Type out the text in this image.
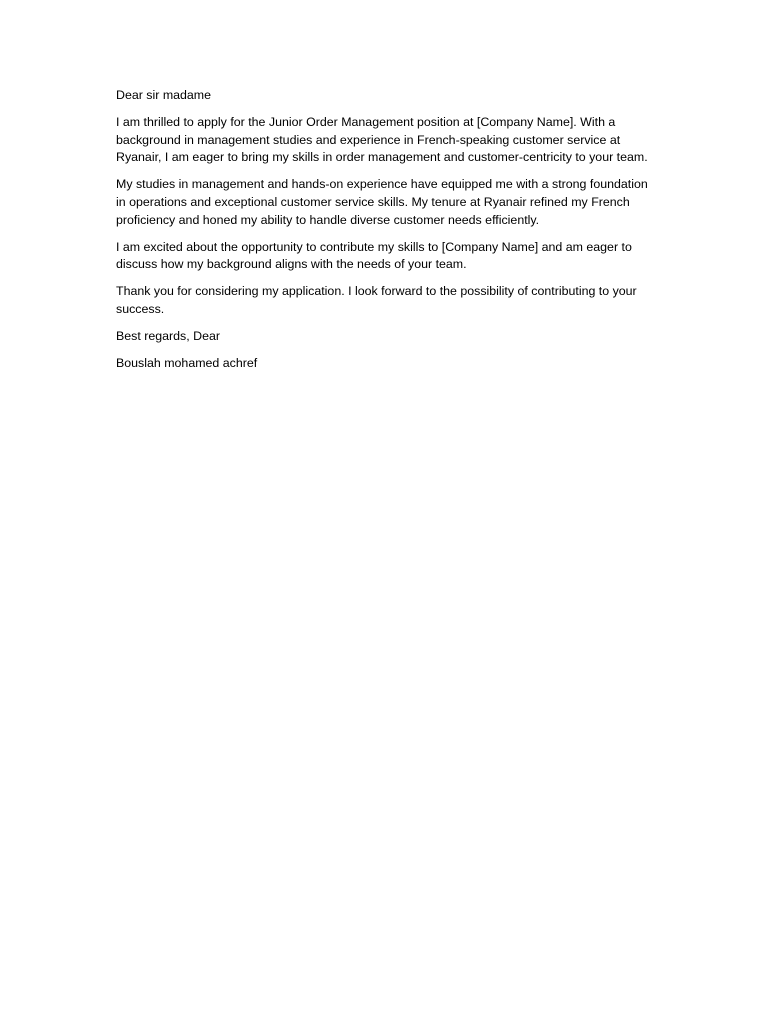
Dear sir madame

I am thrilled to apply for the Junior Order Management position at [Company Name]. With a background in management studies and experience in French-speaking customer service at Ryanair, I am eager to bring my skills in order management and customer-centricity to your team.

My studies in management and hands-on experience have equipped me with a strong foundation in operations and exceptional customer service skills. My tenure at Ryanair refined my French proficiency and honed my ability to handle diverse customer needs efficiently.

I am excited about the opportunity to contribute my skills to [Company Name] and am eager to discuss how my background aligns with the needs of your team.

Thank you for considering my application. I look forward to the possibility of contributing to your success.

Best regards, Dear

Bouslah mohamed achref
